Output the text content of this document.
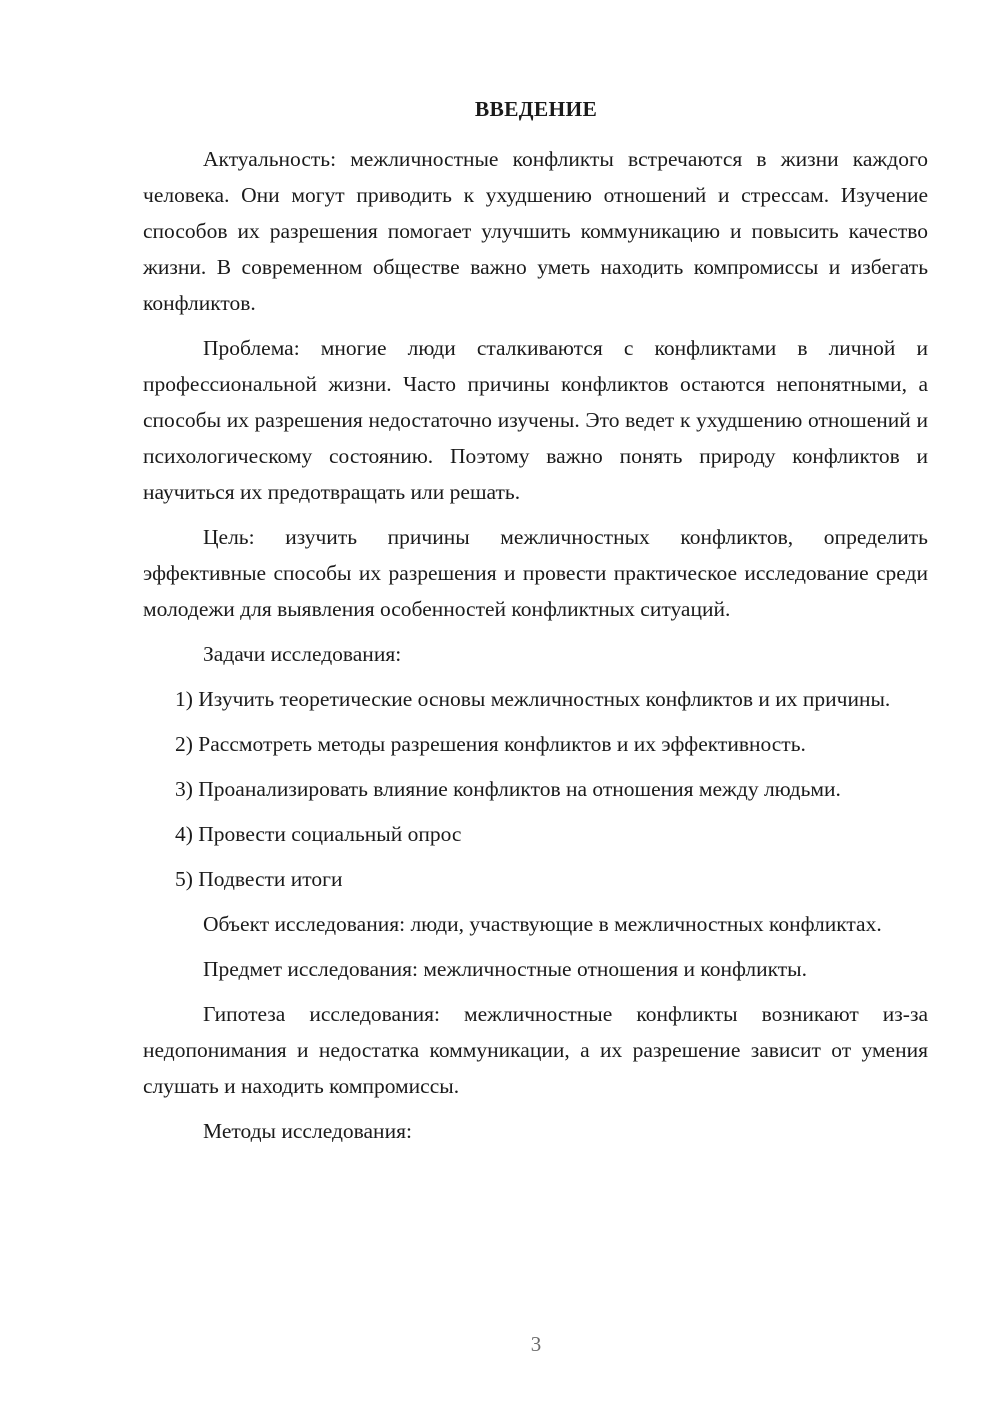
ВВЕДЕНИЕ

Актуальность: межличностные конфликты встречаются в жизни каждого человека. Они могут приводить к ухудшению отношений и стрессам. Изучение способов их разрешения помогает улучшить коммуникацию и повысить качество жизни. В современном обществе важно уметь находить компромиссы и избегать конфликтов.

Проблема: многие люди сталкиваются с конфликтами в личной и профессиональной жизни. Часто причины конфликтов остаются непонятными, а способы их разрешения недостаточно изучены. Это ведет к ухудшению отношений и психологическому состоянию. Поэтому важно понять природу конфликтов и научиться их предотвращать или решать.

Цель: изучить причины межличностных конфликтов, определить эффективные способы их разрешения и провести практическое исследование среди молодежи для выявления особенностей конфликтных ситуаций.

Задачи исследования:

1) Изучить теоретические основы межличностных конфликтов и их причины.

2) Рассмотреть методы разрешения конфликтов и их эффективность.

3) Проанализировать влияние конфликтов на отношения между людьми.

4) Провести социальный опрос

5) Подвести итоги

Объект исследования: люди, участвующие в межличностных конфликтах.

Предмет исследования: межличностные отношения и конфликты.

Гипотеза исследования: межличностные конфликты возникают из-за недопонимания и недостатка коммуникации, а их разрешение зависит от умения слушать и находить компромиссы.

Методы исследования:

3
